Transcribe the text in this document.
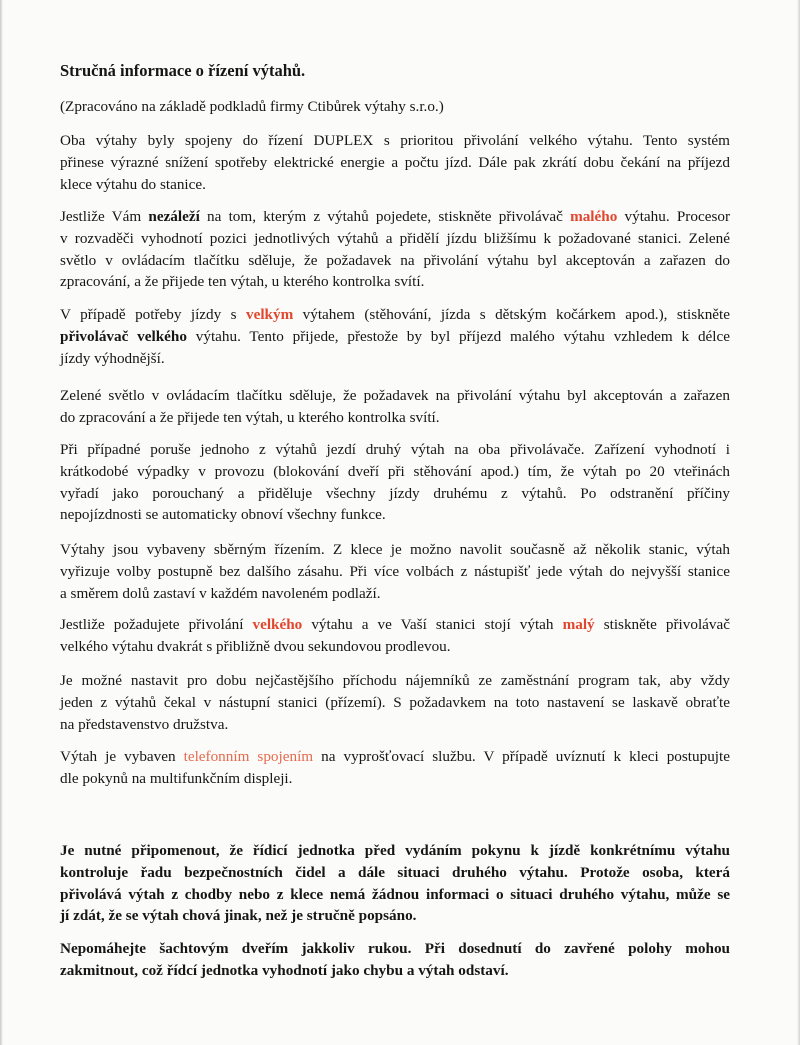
Stručná informace o řízení výtahů.

(Zpracováno na základě podkladů firmy Ctibůrek výtahy s.r.o.)

Oba výtahy byly spojeny do řízení DUPLEX s prioritou přivolání velkého výtahu. Tento systém
přinese výrazné snížení spotřeby elektrické energie a počtu jízd. Dále pak zkrátí dobu čekání na příjezd
klece výtahu do stanice.

Jestliže Vám nezáleží na tom, kterým z výtahů pojedete, stiskněte přivolávač malého výtahu. Procesor
v rozvaděči vyhodnotí pozici jednotlivých výtahů a přidělí jízdu bližšímu k požadované stanici. Zelené
světlo v ovládacím tlačítku sděluje, že požadavek na přivolání výtahu byl akceptován a zařazen do
zpracování, a že přijede ten výtah, u kterého kontrolka svítí.

V případě potřeby jízdy s velkým výtahem (stěhování, jízda s dětským kočárkem apod.), stiskněte
přivolávač velkého výtahu. Tento přijede, přestože by byl příjezd malého výtahu vzhledem k délce
jízdy výhodnější.

Zelené světlo v ovládacím tlačítku sděluje, že požadavek na přivolání výtahu byl akceptován a zařazen
do zpracování a že přijede ten výtah, u kterého kontrolka svítí.

Při případné poruše jednoho z výtahů jezdí druhý výtah na oba přivolávače. Zařízení vyhodnotí i
krátkodobé výpadky v provozu (blokování dveří při stěhování apod.) tím, že výtah po 20 vteřinách
vyřadí jako porouchaný a přiděluje všechny jízdy druhému z výtahů. Po odstranění příčiny
nepojízdnosti se automaticky obnoví všechny funkce.

Výtahy jsou vybaveny sběrným řízením. Z klece je možno navolit současně až několik stanic, výtah
vyřizuje volby postupně bez dalšího zásahu. Při více volbách z nástupišť jede výtah do nejvyšší stanice
a směrem dolů zastaví v každém navoleném podlaží.

Jestliže požadujete přivolání velkého výtahu a ve Vaší stanici stojí výtah malý stiskněte přivolávač
velkého výtahu dvakrát s přibližně dvou sekundovou prodlevou.

Je možné nastavit pro dobu nejčastějšího příchodu nájemníků ze zaměstnání program tak, aby vždy
jeden z výtahů čekal v nástupní stanici (přízemí). S požadavkem na toto nastavení se laskavě obraťte
na představenstvo družstva.

Výtah je vybaven telefonním spojením na vyprošťovací službu. V případě uvíznutí k kleci postupujte
dle pokynů na multifunkčním displeji.

Je nutné připomenout, že řídicí jednotka před vydáním pokynu k jízdě konkrétnímu výtahu
kontroluje řadu bezpečnostních čidel a dále situaci druhého výtahu. Protože osoba, která
přivolává výtah z chodby nebo z klece nemá žádnou informaci o situaci druhého výtahu, může se
jí zdát, že se výtah chová jinak, než je stručně popsáno.

Nepomáhejte šachtovým dveřím jakkoliv rukou. Při dosednutí do zavřené polohy mohou
zakmitnout, což řídcí jednotka vyhodnotí jako chybu a výtah odstaví.
